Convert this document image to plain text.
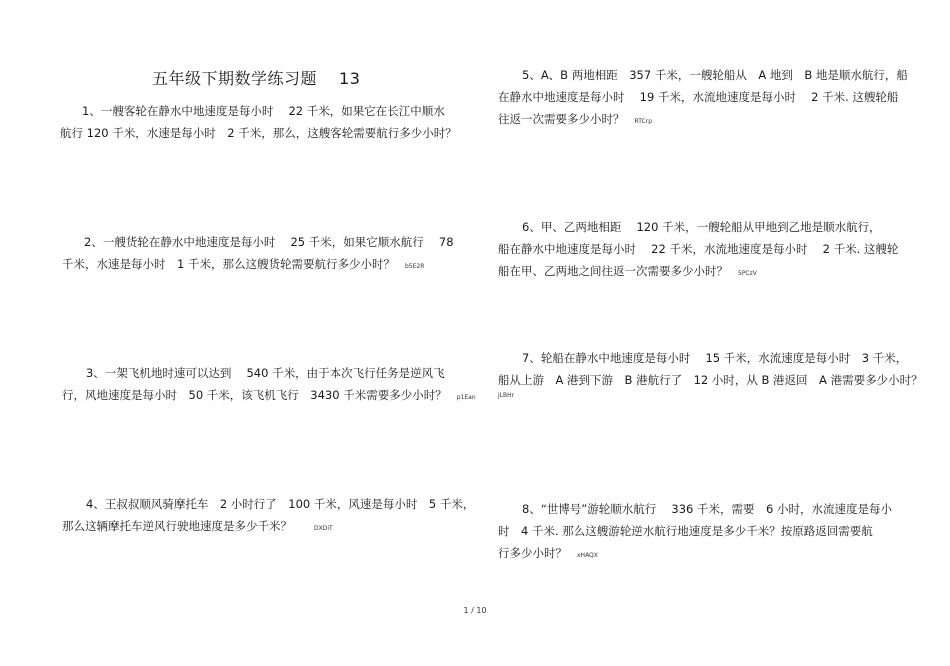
五年级下期数学练习题 13
1、一艘客轮在静水中地速度是每小时　 22 千米，如果它在长江中顺水
航行 120 千米，水速是每小时　2 千米，那么，这艘客轮需要航行多少小时？
2、一艘货轮在静水中地速度是每小时　 25 千米，如果它顺水航行　 78
千米，水速是每小时　1 千米，那么这艘货轮需要航行多少小时？ b5E2R
3、一架飞机地时速可以达到　 540 千米，由于本次飞行任务是逆风飞
行，风地速度是每小时　50 千米，该飞机飞行　3430 千米需要多少小时？ p1Ean
4、王叔叔顺风骑摩托车　2 小时行了　100 千米，风速是每小时　5 千米，
那么这辆摩托车逆风行驶地速度是多少千米？	DXDiT
5、A、B 两地相距　357 千米，一艘轮船从　A 地到　B 地是顺水航行，船
在静水中地速度是每小时　 19 千米，水流地速度是每小时　 2 千米. 这艘轮船
往返一次需要多少小时？ RTCrp
6、甲、乙两地相距　 120 千米，一艘轮船从甲地到乙地是顺水航行，
船在静水中地速度是每小时　 22 千米，水流地速度是每小时　 2 千米. 这艘轮
船在甲、乙两地之间往返一次需要多少小时？ 5PCzV
7、轮船在静水中地速度是每小时　 15 千米，水流速度是每小时　3 千米，
船从上游　A 港到下游　B 港航行了　12 小时，从 B 港返回　A 港需要多少小时？
jLBHr
8、“世博号”游轮顺水航行　 336 千米，需要　6 小时，水流速度是每小
时　4 千米. 那么这艘游轮逆水航行地速度是多少千米？按原路返回需要航
行多少小时？ xHAQX
1 / 10
